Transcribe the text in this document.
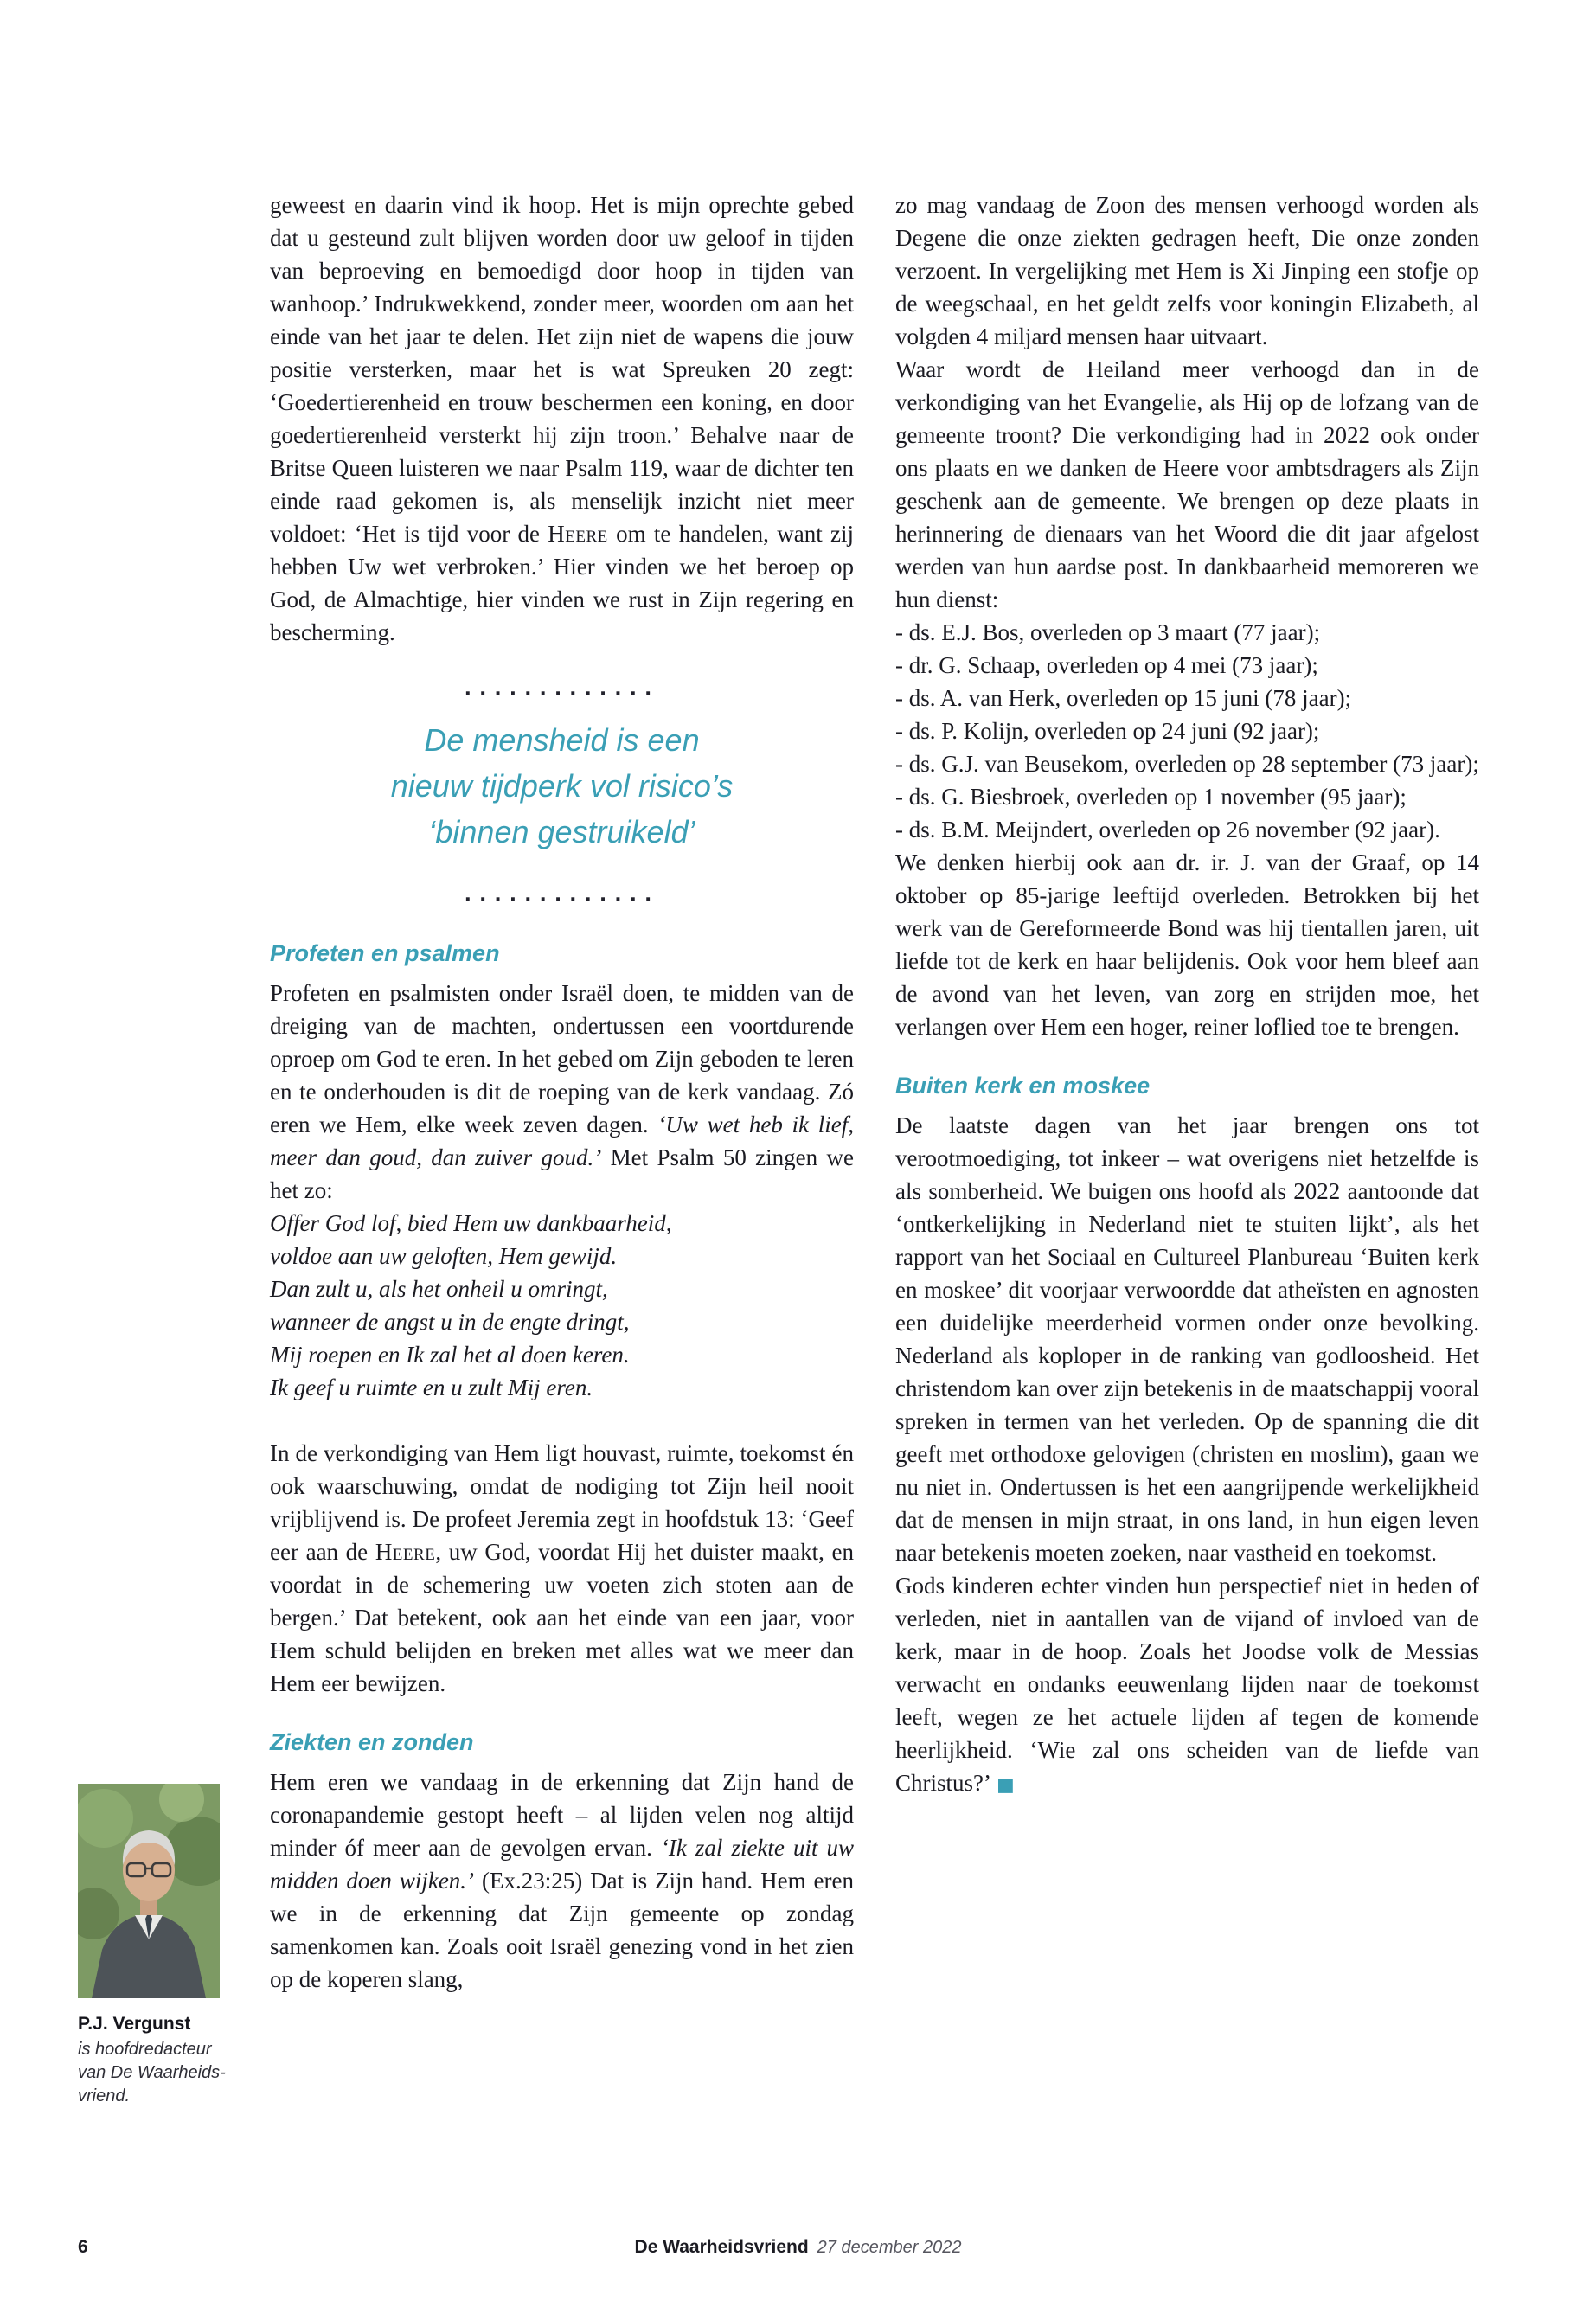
geweest en daarin vind ik hoop. Het is mijn oprechte gebed dat u gesteund zult blijven worden door uw geloof in tijden van beproeving en bemoedigd door hoop in tijden van wanhoop.’ Indrukwekkend, zonder meer, woorden om aan het einde van het jaar te delen. Het zijn niet de wapens die jouw positie versterken, maar het is wat Spreuken 20 zegt: ‘Goedertierenheid en trouw beschermen een koning, en door goedertierenheid versterkt hij zijn troon.’ Behalve naar de Britse Queen luisteren we naar Psalm 119, waar de dichter ten einde raad gekomen is, als menselijk inzicht niet meer voldoet: ‘Het is tijd voor de Heere om te handelen, want zij hebben Uw wet verbroken.’ Hier vinden we het beroep op God, de Almachtige, hier vinden we rust in Zijn regering en bescherming.

·············
De mensheid is een
nieuw tijdperk vol risico’s
‘binnen gestruikeld’
·············
Profeten en psalmen

Profeten en psalmisten onder Israël doen, te midden van de dreiging van de machten, ondertussen een voortdurende oproep om God te eren. In het gebed om Zijn geboden te leren en te onderhouden is dit de roeping van de kerk vandaag. Zó eren we Hem, elke week zeven dagen. ‘Uw wet heb ik lief, meer dan goud, dan zuiver goud.’ Met Psalm 50 zingen we het zo:

Offer God lof, bied Hem uw dankbaarheid,
voldoe aan uw geloften, Hem gewijd.
Dan zult u, als het onheil u omringt,
wanneer de angst u in de engte dringt,
Mij roepen en Ik zal het al doen keren.
Ik geef u ruimte en u zult Mij eren.

In de verkondiging van Hem ligt houvast, ruimte, toekomst én ook waarschuwing, omdat de nodiging tot Zijn heil nooit vrijblijvend is. De profeet Jeremia zegt in hoofdstuk 13: ‘Geef eer aan de Heere, uw God, voordat Hij het duister maakt, en voordat in de schemering uw voeten zich stoten aan de bergen.’ Dat betekent, ook aan het einde van een jaar, voor Hem schuld belijden en breken met alles wat we meer dan Hem eer bewijzen.

Ziekten en zonden

Hem eren we vandaag in de erkenning dat Zijn hand de coronapandemie gestopt heeft – al lijden velen nog altijd minder óf meer aan de gevolgen ervan. ‘Ik zal ziekte uit uw midden doen wijken.’ (Ex.23:25) Dat is Zijn hand. Hem eren we in de erkenning dat Zijn gemeente op zondag samenkomen kan. Zoals ooit Israël genezing vond in het zien op de koperen slang,

zo mag vandaag de Zoon des mensen verhoogd worden als Degene die onze ziekten gedragen heeft, Die onze zonden verzoent. In vergelijking met Hem is Xi Jinping een stofje op de weegschaal, en het geldt zelfs voor koningin Elizabeth, al volgden 4 miljard mensen haar uitvaart.

Waar wordt de Heiland meer verhoogd dan in de verkondiging van het Evangelie, als Hij op de lofzang van de gemeente troont? Die verkondiging had in 2022 ook onder ons plaats en we danken de Heere voor ambtsdragers als Zijn geschenk aan de gemeente. We brengen op deze plaats in herinnering de dienaars van het Woord die dit jaar afgelost werden van hun aardse post. In dankbaarheid memoreren we hun dienst:

- ds. E.J. Bos, overleden op 3 maart (77 jaar);
- dr. G. Schaap, overleden op 4 mei (73 jaar);
- ds. A. van Herk, overleden op 15 juni (78 jaar);
- ds. P. Kolijn, overleden op 24 juni (92 jaar);
- ds. G.J. van Beusekom, overleden op 28 september (73 jaar);
- ds. G. Biesbroek, overleden op 1 november (95 jaar);
- ds. B.M. Meijndert, overleden op 26 november (92 jaar).

We denken hierbij ook aan dr. ir. J. van der Graaf, op 14 oktober op 85-jarige leeftijd overleden. Betrokken bij het werk van de Gereformeerde Bond was hij tientallen jaren, uit liefde tot de kerk en haar belijdenis. Ook voor hem bleef aan de avond van het leven, van zorg en strijden moe, het verlangen over Hem een hoger, reiner loflied toe te brengen.

Buiten kerk en moskee

De laatste dagen van het jaar brengen ons tot verootmoediging, tot inkeer – wat overigens niet hetzelfde is als somberheid. We buigen ons hoofd als 2022 aantoonde dat ‘ontkerkelijking in Nederland niet te stuiten lijkt’, als het rapport van het Sociaal en Cultureel Planbureau ‘Buiten kerk en moskee’ dit voorjaar verwoordde dat atheïsten en agnosten een duidelijke meerderheid vormen onder onze bevolking. Nederland als koploper in de ranking van godloosheid. Het christendom kan over zijn betekenis in de maatschappij vooral spreken in termen van het verleden. Op de spanning die dit geeft met orthodoxe gelovigen (christen en moslim), gaan we nu niet in. Ondertussen is het een aangrijpende werkelijkheid dat de mensen in mijn straat, in ons land, in hun eigen leven naar betekenis moeten zoeken, naar vastheid en toekomst.

Gods kinderen echter vinden hun perspectief niet in heden of verleden, niet in aantallen van de vijand of invloed van de kerk, maar in de hoop. Zoals het Joodse volk de Messias verwacht en ondanks eeuwenlang lijden naar de toekomst leeft, wegen ze het actuele lijden af tegen de komende heerlijkheid. ‘Wie zal ons scheiden van de liefde van Christus?’ ■

P.J. Vergunst
is hoofdredacteur
van De Waarheids-
vriend.
6	De Waarheidsvriend 27 december 2022
